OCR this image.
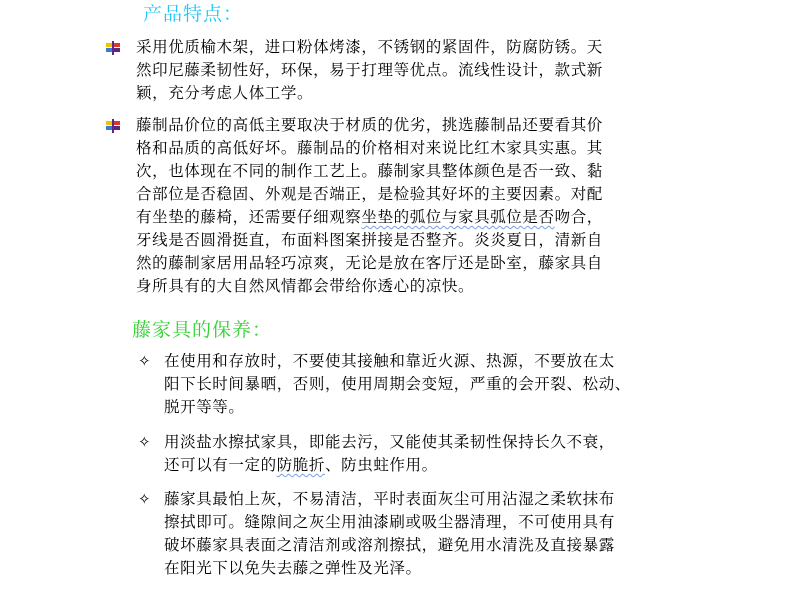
产品特点：
采用优质榆木架，进口粉体烤漆，不锈钢的紧固件，防腐防锈。天
然印尼藤柔韧性好，环保，易于打理等优点。流线性设计，款式新
颖，充分考虑人体工学。
藤制品价位的高低主要取决于材质的优劣，挑选藤制品还要看其价
格和品质的高低好坏。藤制品的价格相对来说比红木家具实惠。其
次，也体现在不同的制作工艺上。藤制家具整体颜色是否一致、黏
合部位是否稳固、外观是否端正，是检验其好坏的主要因素。对配
有坐垫的藤椅，还需要仔细观察坐垫的弧位与家具弧位是否吻合，
牙线是否圆滑挺直，布面料图案拼接是否整齐。炎炎夏日，清新自
然的藤制家居用品轻巧凉爽，无论是放在客厅还是卧室，藤家具自
身所具有的大自然风情都会带给你透心的凉快。
藤家具的保养：
✧ 在使用和存放时，不要使其接触和靠近火源、热源，不要放在太
阳下长时间暴晒，否则，使用周期会变短，严重的会开裂、松动、
脱开等等。
✧ 用淡盐水擦拭家具，即能去污，又能使其柔韧性保持长久不衰，
还可以有一定的防脆折、防虫蛀作用。
✧ 藤家具最怕上灰，不易清洁，平时表面灰尘可用沾湿之柔软抹布
擦拭即可。缝隙间之灰尘用油漆刷或吸尘器清理，不可使用具有
破坏藤家具表面之清洁剂或溶剂擦拭，避免用水清洗及直接暴露
在阳光下以免失去藤之弹性及光泽。
